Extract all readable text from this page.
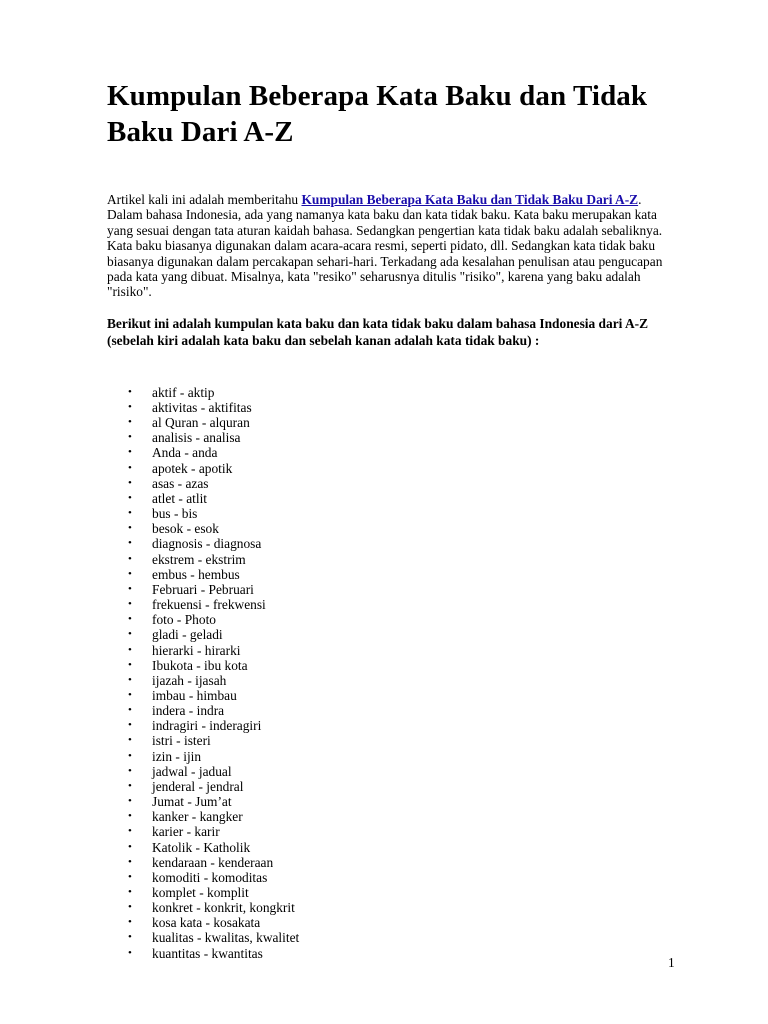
Kumpulan Beberapa Kata Baku dan Tidak Baku Dari A-Z

Artikel kali ini adalah memberitahu Kumpulan Beberapa Kata Baku dan Tidak Baku Dari A-Z.

Dalam bahasa Indonesia, ada yang namanya kata baku dan kata tidak baku. Kata baku merupakan kata yang sesuai dengan tata aturan kaidah bahasa. Sedangkan pengertian kata tidak baku adalah sebaliknya. Kata baku biasanya digunakan dalam acara-acara resmi, seperti pidato, dll. Sedangkan kata tidak baku biasanya digunakan dalam percakapan sehari-hari. Terkadang ada kesalahan penulisan atau pengucapan pada kata yang dibuat. Misalnya, kata "resiko" seharusnya ditulis "risiko", karena yang baku adalah "risiko".

Berikut ini adalah kumpulan kata baku dan kata tidak baku dalam bahasa Indonesia dari A-Z (sebelah kiri adalah kata baku dan sebelah kanan adalah kata tidak baku) :
• aktif - aktip
• aktivitas - aktifitas
• al Quran - alquran
• analisis - analisa
• Anda - anda
• apotek - apotik
• asas - azas
• atlet - atlit
• bus - bis
• besok - esok
• diagnosis - diagnosa
• ekstrem - ekstrim
• embus - hembus
• Februari - Pebruari
• frekuensi - frekwensi
• foto - Photo
• gladi - geladi
• hierarki - hirarki
• Ibukota - ibu kota
• ijazah - ijasah
• imbau - himbau
• indera - indra
• indragiri - inderagiri
• istri - isteri
• izin - ijin
• jadwal - jadual
• jenderal - jendral
• Jumat - Jum’at
• kanker - kangker
• karier - karir
• Katolik - Katholik
• kendaraan - kenderaan
• komoditi - komoditas
• komplet - komplit
• konkret - konkrit, kongkrit
• kosa kata - kosakata
• kualitas - kwalitas, kwalitet
• kuantitas - kwantitas
1
